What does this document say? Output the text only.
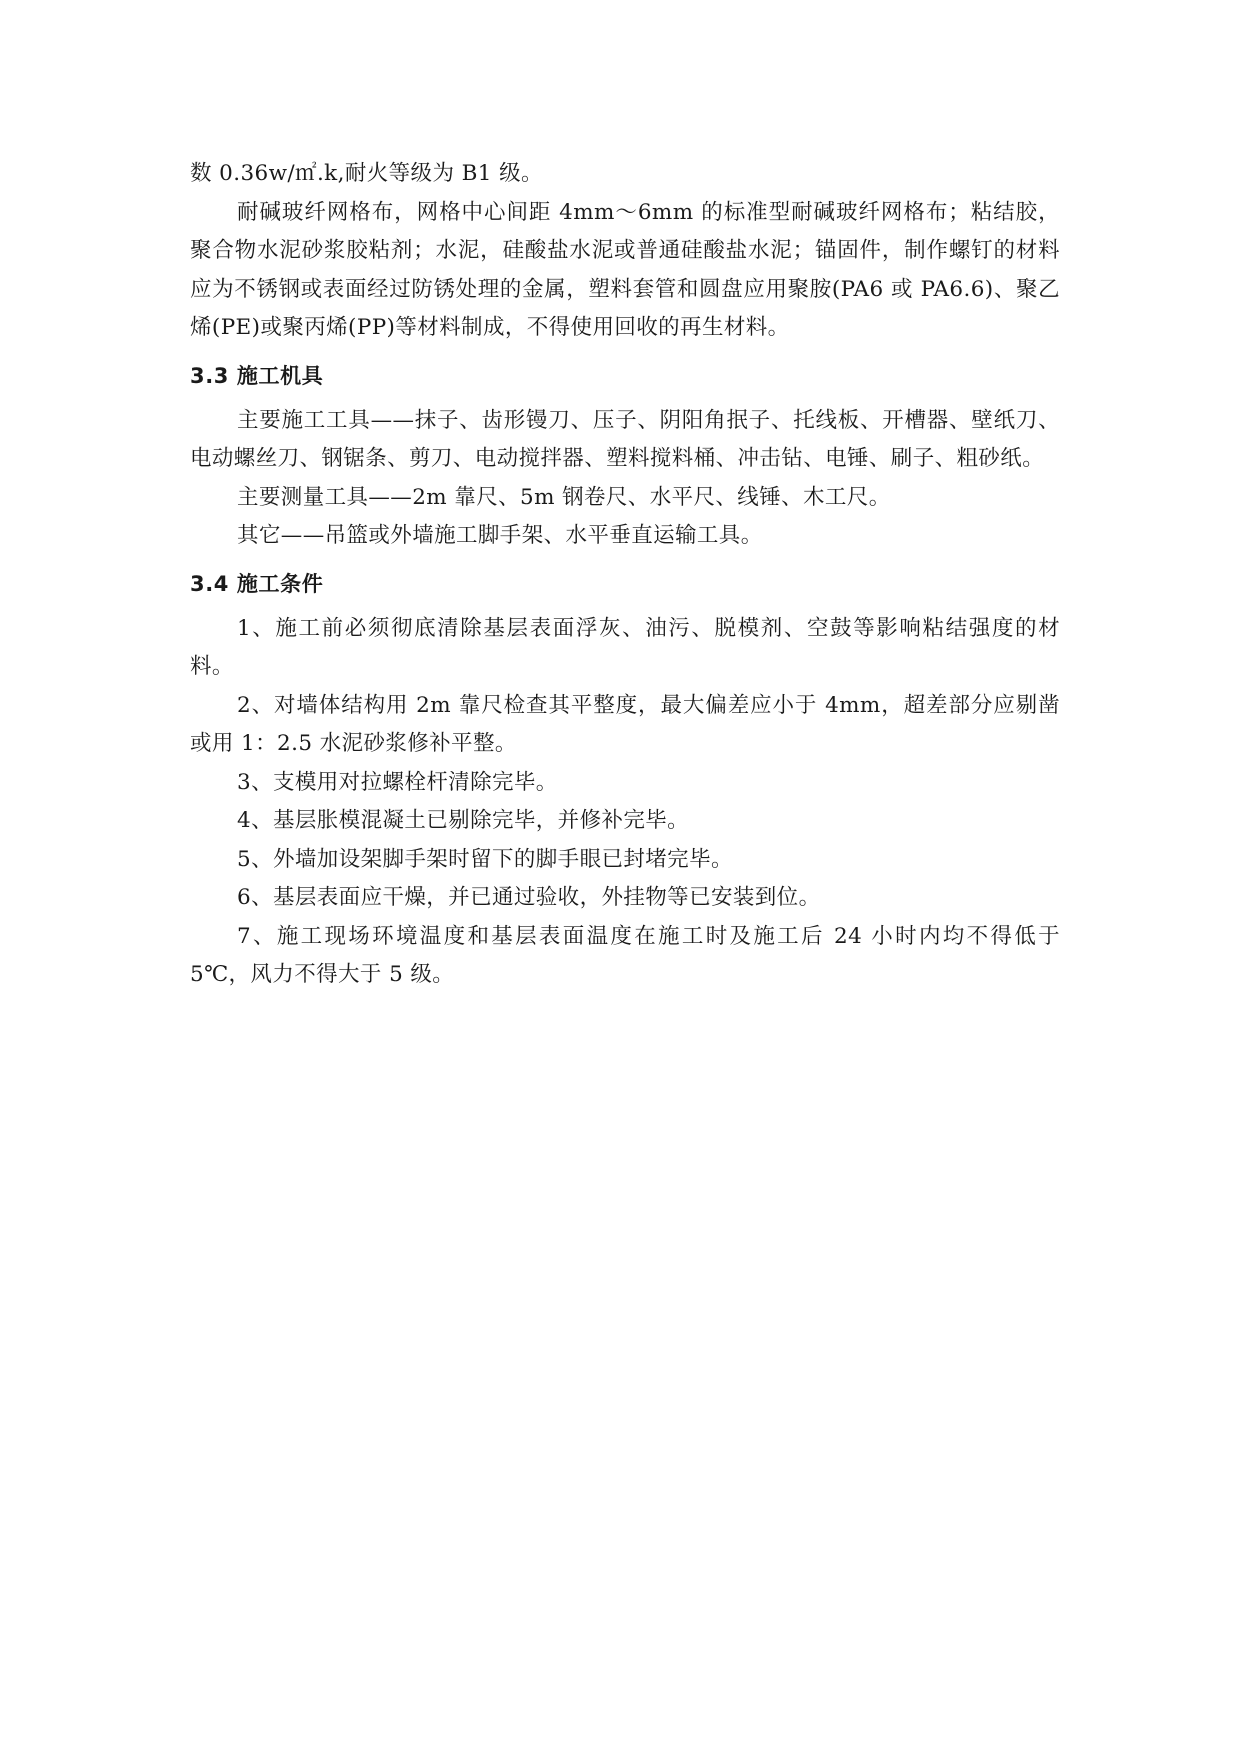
数 0.36w/㎡.k,耐火等级为 B1 级。

耐碱玻纤网格布，网格中心间距 4mm～6mm 的标准型耐碱玻纤网格布；粘结胶，聚合物水泥砂浆胶粘剂；水泥，硅酸盐水泥或普通硅酸盐水泥；锚固件，制作螺钉的材料应为不锈钢或表面经过防锈处理的金属，塑料套管和圆盘应用聚胺(PA6 或 PA6.6)、聚乙烯(PE)或聚丙烯(PP)等材料制成，不得使用回收的再生材料。

3.3 施工机具

主要施工工具——抹子、齿形镘刀、压子、阴阳角抿子、托线板、开槽器、壁纸刀、电动螺丝刀、钢锯条、剪刀、电动搅拌器、塑料搅料桶、冲击钻、电锤、刷子、粗砂纸。

主要测量工具——2m 靠尺、5m 钢卷尺、水平尺、线锤、木工尺。

其它——吊篮或外墙施工脚手架、水平垂直运输工具。

3.4 施工条件

1、施工前必须彻底清除基层表面浮灰、油污、脱模剂、空鼓等影响粘结强度的材料。

2、对墙体结构用 2m 靠尺检查其平整度，最大偏差应小于 4mm，超差部分应剔凿或用 1：2.5 水泥砂浆修补平整。

3、支模用对拉螺栓杆清除完毕。

4、基层胀模混凝土已剔除完毕，并修补完毕。

5、外墙加设架脚手架时留下的脚手眼已封堵完毕。

6、基层表面应干燥，并已通过验收，外挂物等已安装到位。

7、施工现场环境温度和基层表面温度在施工时及施工后 24 小时内均不得低于 5℃，风力不得大于 5 级。
